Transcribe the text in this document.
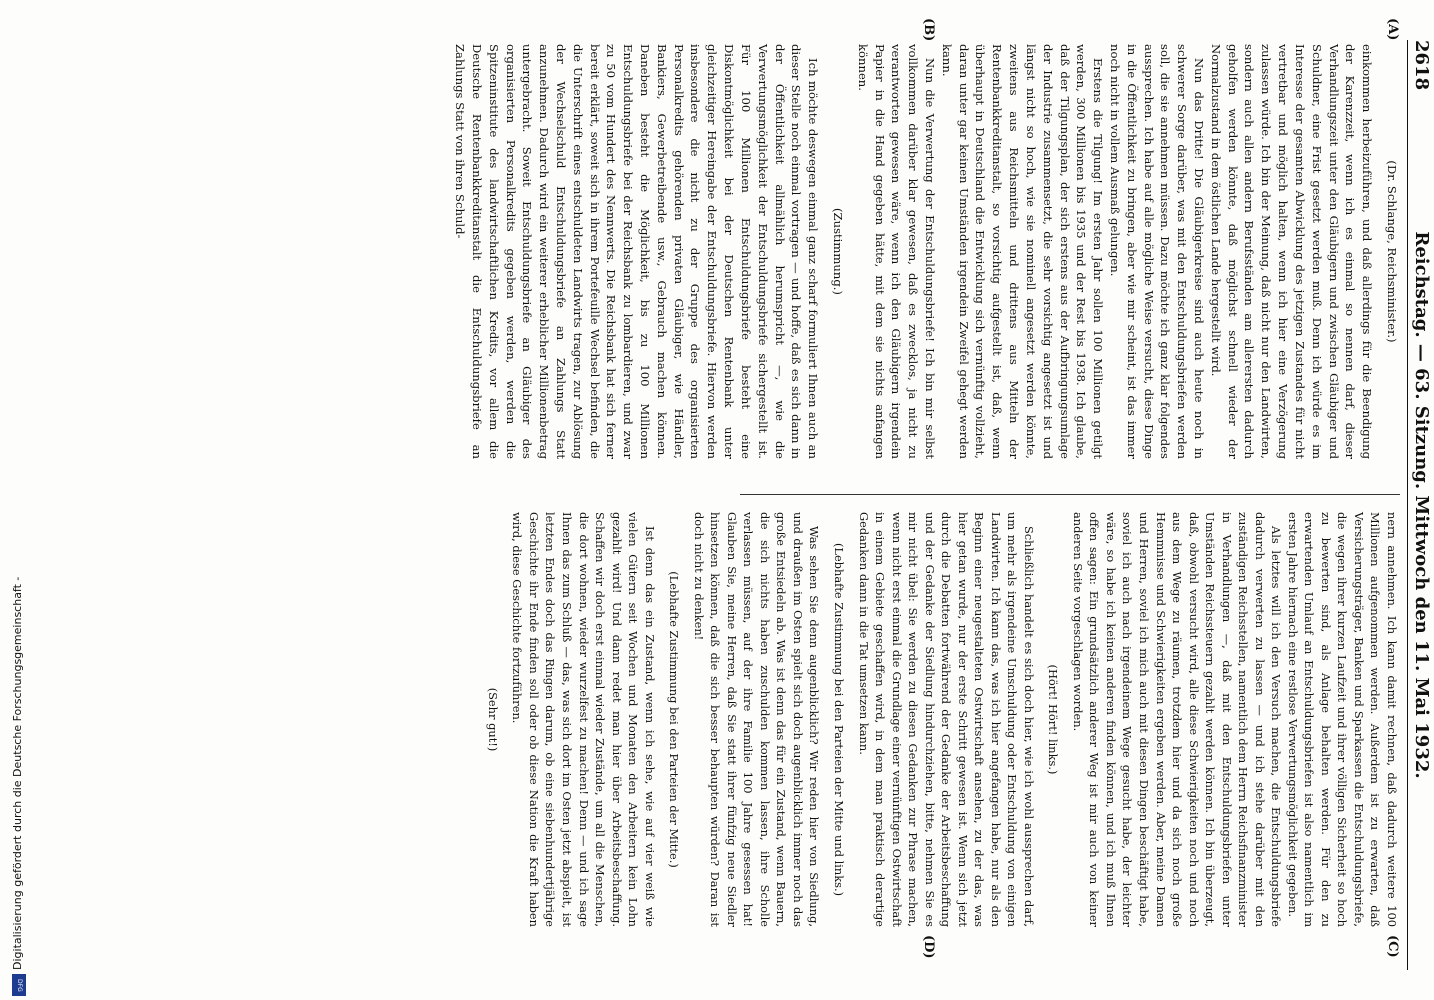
2618
Reichstag. — 63. Sitzung. Mittwoch den 11. Mai 1932.
(A)
(B)
(C)
(D)

(Dr. Schlange, Reichsminister.)

einkommen herbeizuführen, und daß allerdings für die Beendigung der Karenzzeit, wenn ich es einmal so nennen darf, dieser Verhandlungszeit unter den Gläubigern und zwischen Gläubiger und Schuldner, eine Frist gesetzt werden muß. Denn ich würde es im Interesse der gesamten Abwicklung des jetzigen Zustandes für nicht vertretbar und möglich halten, wenn ich hier eine Verzögerung zulassen würde. Ich bin der Meinung, daß nicht nur den Landwirten, sondern auch allen andern Berufsständen am allerersten dadurch geholfen werden könnte, daß möglichst schnell wieder der Normalzustand in dem östlichen Lande hergestellt wird.

Nun das Dritte! Die Gläubigerkreise sind auch heute noch in schwerer Sorge darüber, was mit den Entschuldungsbriefen werden soll, die sie annehmen müssen. Dazu möchte ich ganz klar folgendes aussprechen. Ich habe auf alle mögliche Weise versucht, diese Dinge in die Öffentlichkeit zu bringen, aber wie mir scheint, ist das immer noch nicht in vollem Ausmaß gelungen.

Erstens die Tilgung! Im ersten Jahr sollen 100 Millionen getilgt werden, 300 Millionen bis 1935 und der Rest bis 1938. Ich glaube, daß der Tilgungsplan, der sich erstens aus der Aufbringungsumlage der Industrie zusammensetzt, die sehr vorsichtig angesetzt ist und längst nicht so hoch, wie sie nominell angesetzt werden könnte, zweitens aus Reichsmitteln und drittens aus Mitteln der Rentenbankkreditanstalt, so vorsichtig aufgestellt ist, daß, wenn überhaupt in Deutschland die Entwicklung sich vernünftig vollzieht, daran unter gar keinen Umständen irgendein Zweifel gehegt werden kann.

Nun die Verwertung der Entschuldungsbriefe! Ich bin mir selbst vollkommen darüber klar gewesen, daß es zwecklos, ja nicht zu verantworten gewesen wäre, wenn ich den Gläubigern irgendein Papier in die Hand gegeben hätte, mit dem sie nichts anfangen können.

(Zustimmung.)

Ich möchte deswegen einmal ganz scharf formuliert Ihnen auch an dieser Stelle noch einmal vortragen — und hoffe, daß es sich dann in der Öffentlichkeit allmählich herumspricht —, wie die Verwertungsmöglichkeit der Entschuldungsbriefe sichergestellt ist. Für 100 Millionen Entschuldungsbriefe besteht eine Diskontmöglichkeit bei der Deutschen Rentenbank unter gleichzeitiger Hereingabe der Entschuldungsbriefe. Hiervon werden insbesondere die nicht zu der Gruppe des organisierten Personalkredits gehörenden privaten Gläubiger, wie Händler, Bankiers, Gewerbetreibende usw., Gebrauch machen können. Daneben besteht die Möglichkeit, bis zu 100 Millionen Entschuldungsbriefe bei der Reichsbank zu lombardieren, und zwar zu 50 vom Hundert des Nennwerts. Die Reichsbank hat sich ferner bereit erklärt, soweit sich in ihrem Portefeuille Wechsel befinden, die die Unterschrift eines entschuldeten Landwirts tragen, zur Ablösung der Wechselschuld Entschuldungsbriefe an Zahlungs Statt anzunehmen. Dadurch wird ein weiterer erheblicher Millionenbetrag untergebracht. Soweit Entschuldungsbriefe an Gläubiger des organisierten Personalkredits gegeben werden, werden die Spitzeninstitute des landwirtschaftlichen Kredits, vor allem die Deutsche Rentenbankkreditanstalt die Entschuldungsbriefe an Zahlungs Statt von ihren Schuld-

nern annehmen. Ich kann damit rechnen, daß dadurch weitere 100 Millionen aufgenommen werden. Außerdem ist zu erwarten, daß Versicherungsträger, Banken und Sparkassen die Entschuldungsbriefe, die wegen ihrer kurzen Laufzeit und ihrer völligen Sicherheit so hoch zu bewerten sind, als Anlage behalten werden. Für den zu erwartenden Umlauf an Entschuldungsbriefen ist also namentlich im ersten Jahre hiernach eine restlose Verwertungsmöglichkeit gegeben.

Als letztes will ich den Versuch machen, die Entschuldungsbriefe dadurch verwerten zu lassen — und ich stehe darüber mit den zuständigen Reichsstellen, namentlich dem Herrn Reichsfinanzminister in Verhandlungen —, daß mit den Entschuldungsbriefen unter Umständen Reichssteuern gezahlt werden können. Ich bin überzeugt, daß, obwohl versucht wird, alle diese Schwierigkeiten noch und noch aus dem Wege zu räumen, trotzdem hier und da sich noch große Hemmnisse und Schwierigkeiten ergeben werden. Aber, meine Damen und Herren, soviel ich mich auch mit diesen Dingen beschäftigt habe, soviel ich auch nach irgendeinem Wege gesucht habe, der leichter wäre, so habe ich keinen anderen finden können, und ich muß Ihnen offen sagen: Ein grundsätzlich anderer Weg ist mir auch von keiner anderen Seite vorgeschlagen worden.

(Hört! Hört! links.)

Schließlich handelt es sich doch hier, wie ich wohl aussprechen darf, um mehr als irgendeine Umschuldung oder Entschuldung von einigen Landwirten. Ich kann das, was ich hier angefangen habe, nur als den Beginn einer neugestalteten Ostwirtschaft ansehen, zu der das, was hier getan wurde, nur der erste Schritt gewesen ist. Wenn sich jetzt durch die Debatten fortwährend der Gedanke der Arbeitsbeschaffung und der Gedanke der Siedlung hindurchziehen, bitte, nehmen Sie es mir nicht übel: Sie werden zu diesen Gedanken zur Phrase machen, wenn nicht erst einmal die Grundlage einer vernünftigen Ostwirtschaft in einem Gebiete geschaffen wird, in dem man praktisch derartige Gedanken dann in die Tat umsetzen kann.

(Lebhafte Zustimmung bei den Parteien der Mitte und links.)

Was sehen Sie denn augenblicklich? Wir reden hier von Siedlung, und draußen im Osten spielt sich doch augenblicklich immer noch das große Entsiedeln ab. Was ist denn das für ein Zustand, wenn Bauern, die sich nichts haben zuschulden kommen lassen, ihre Scholle verlassen müssen, auf der ihre Familie 100 Jahre gesessen hat! Glauben Sie, meine Herren, daß Sie statt ihrer fünfzig neue Siedler hinsetzen können, daß die sich besser behaupten würden? Daran ist doch nicht zu denken!

(Lebhafte Zustimmung bei den Parteien der Mitte.)

Ist denn das ein Zustand, wenn ich sehe, wie auf vier weiß wie vielen Gütern seit Wochen und Monaten den Arbeitern kein Lohn gezahlt wird! Und dann redet man hier über Arbeitsbeschaffung. Schaffen wir doch erst einmal wieder Zustände, um all die Menschen, die dort wohnen, wieder wurzelfest zu machen! Denn — und ich sage Ihnen das zum Schluß — das, was sich dort im Osten jetzt abspielt, ist letzten Endes doch das Ringen darum, ob eine siebenhundertjährige Geschichte ihr Ende finden soll oder ob diese Nation die Kraft haben wird, diese Geschichte fortzuführen.

(Sehr gut!)

Digitalisierung gefördert durch die Deutsche Forschungsgemeinschaft -
DFG
